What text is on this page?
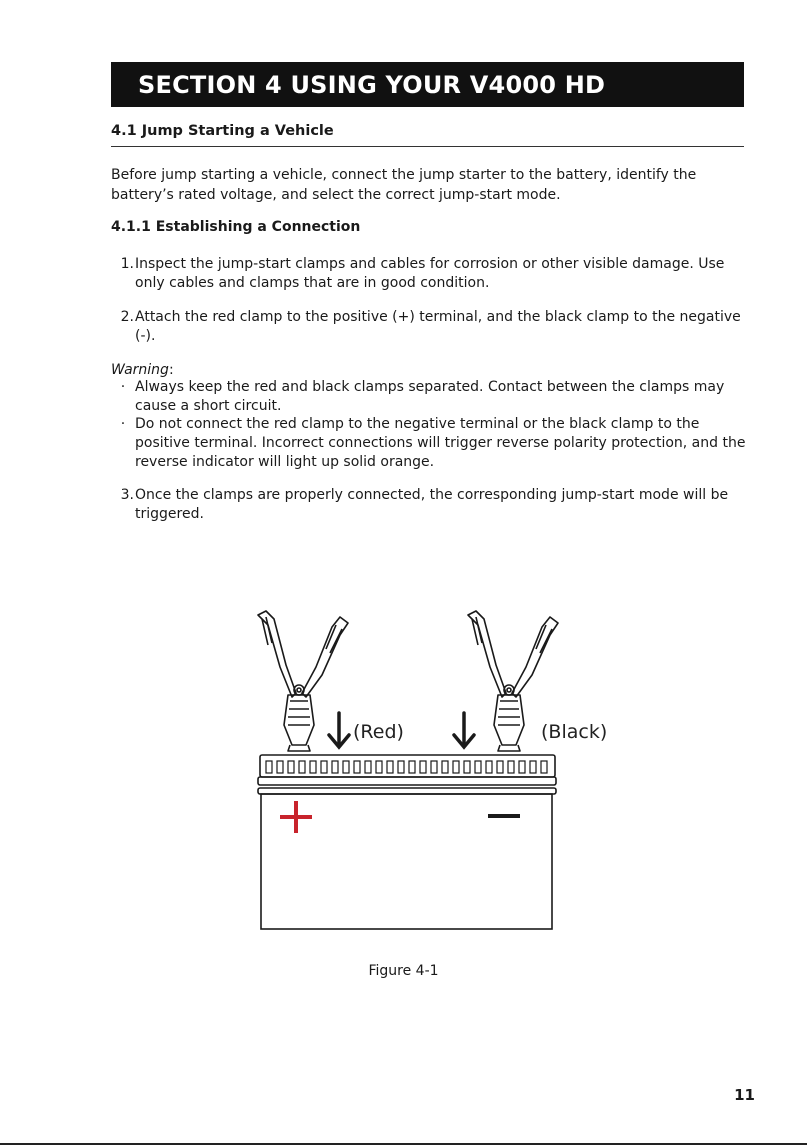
SECTION 4 USING YOUR V4000 HD
4.1 Jump Starting a Vehicle

Before jump starting a vehicle, connect the jump starter to the battery, identify the battery’s rated voltage, and select the correct jump-start mode.

4.1.1 Establishing a Connection
1. Inspect the jump-start clamps and cables for corrosion or other visible damage. Use only cables and clamps that are in good condition.
2. Attach the red clamp to the positive (+) terminal, and the black clamp to the negative (-).
Warning:
· Always keep the red and black clamps separated. Contact between the clamps may cause a short circuit.
· Do not connect the red clamp to the negative terminal or the black clamp to the positive terminal. Incorrect connections will trigger reverse polarity protection, and the reverse indicator will light up solid orange.
3. Once the clamps are properly connected, the corresponding jump-start mode will be triggered.
(Red)	(Black)
Figure 4-1
11
